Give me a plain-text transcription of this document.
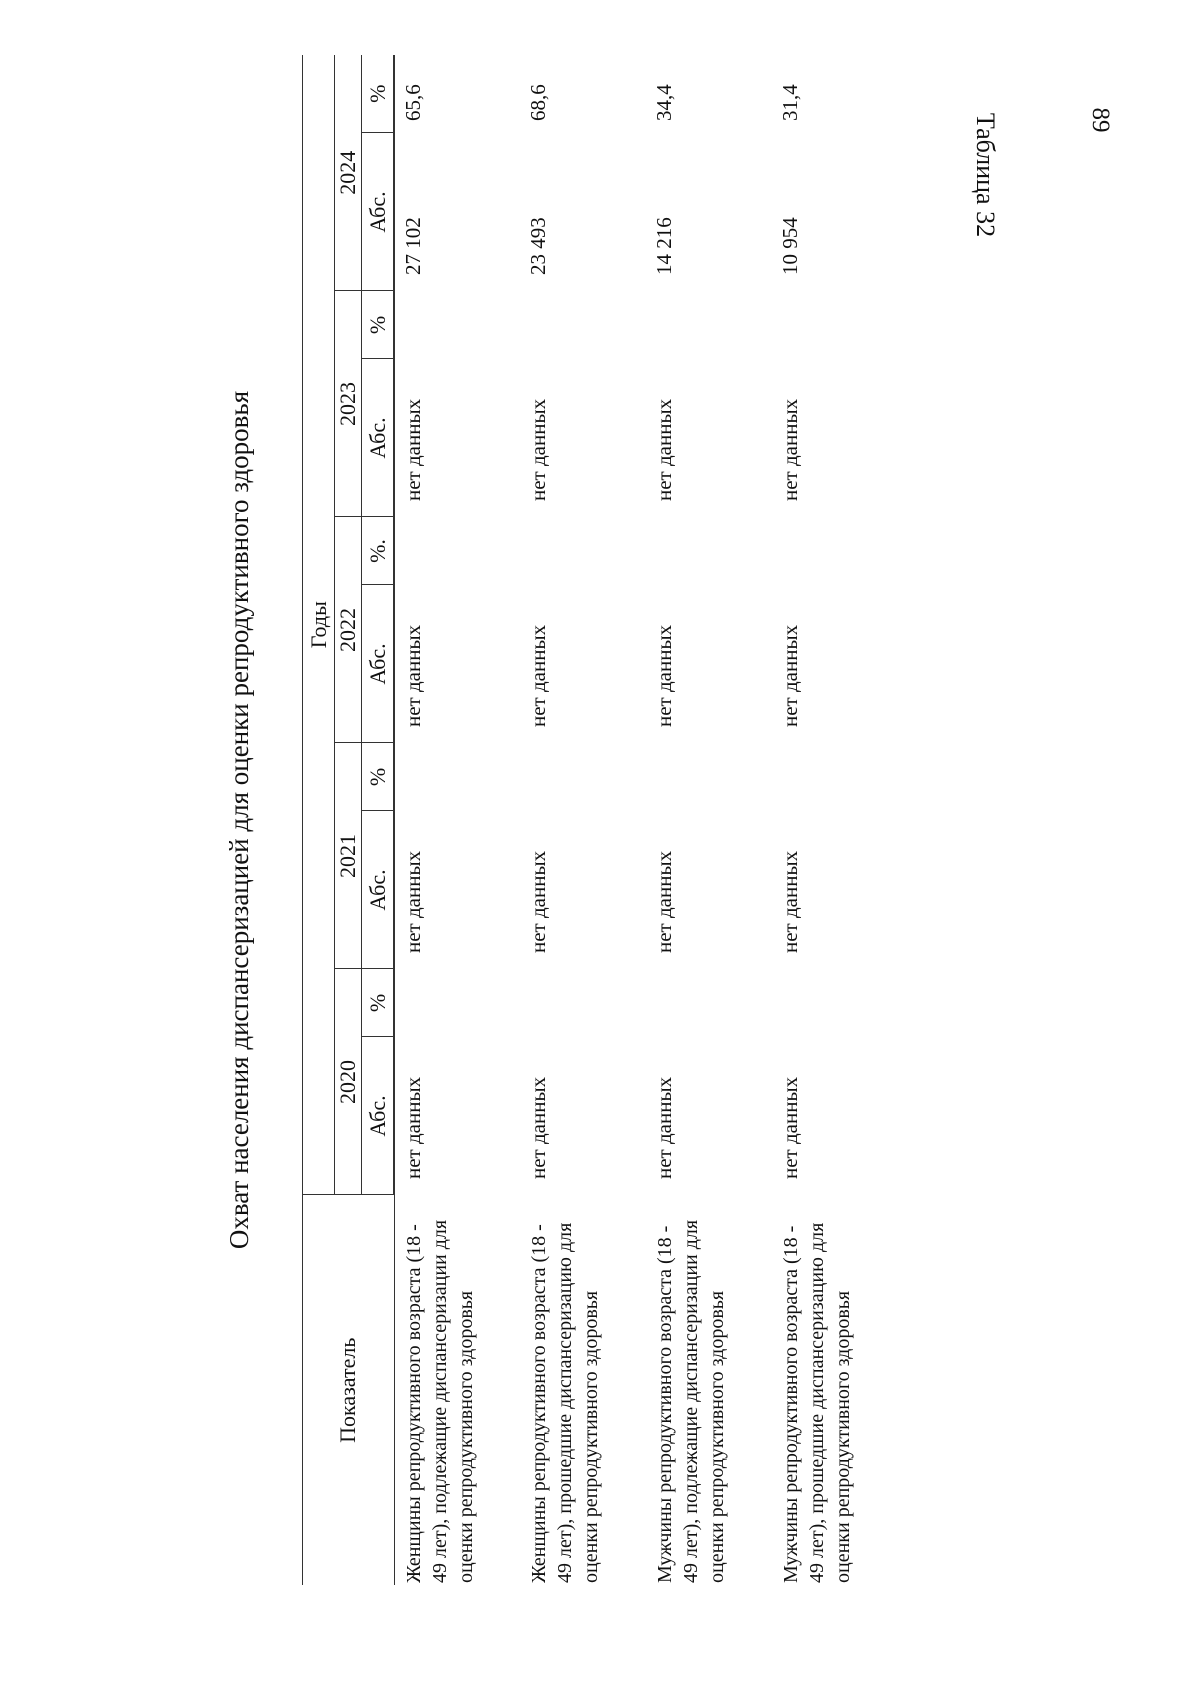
89
Таблица 32
Охват населения диспансеризацией для оценки репродуктивного здоровья
Показатель	Годы									
	2020		2021		2022		2023		2024	
	Абс.	%	Абс.	%	Абс.	%.	Абс.	%	Абс.	%
Женщины репродуктивного возраста (18 - 49 лет), подлежащие диспансеризации для оценки репродуктивного здоровья	нет данных		нет данных		нет данных		нет данных		27 102	65,6
Женщины репродуктивного возраста (18 - 49 лет), прошедшие диспансеризацию для оценки репродуктивного здоровья	нет данных		нет данных		нет данных		нет данных		23 493	68,6
Мужчины репродуктивного возраста (18 - 49 лет), подлежащие диспансеризации для оценки репродуктивного здоровья	нет данных		нет данных		нет данных		нет данных		14 216	34,4
Мужчины репродуктивного возраста (18 - 49 лет), прошедшие диспансеризацию для оценки репродуктивного здоровья	нет данных		нет данных		нет данных		нет данных		10 954	31,4
